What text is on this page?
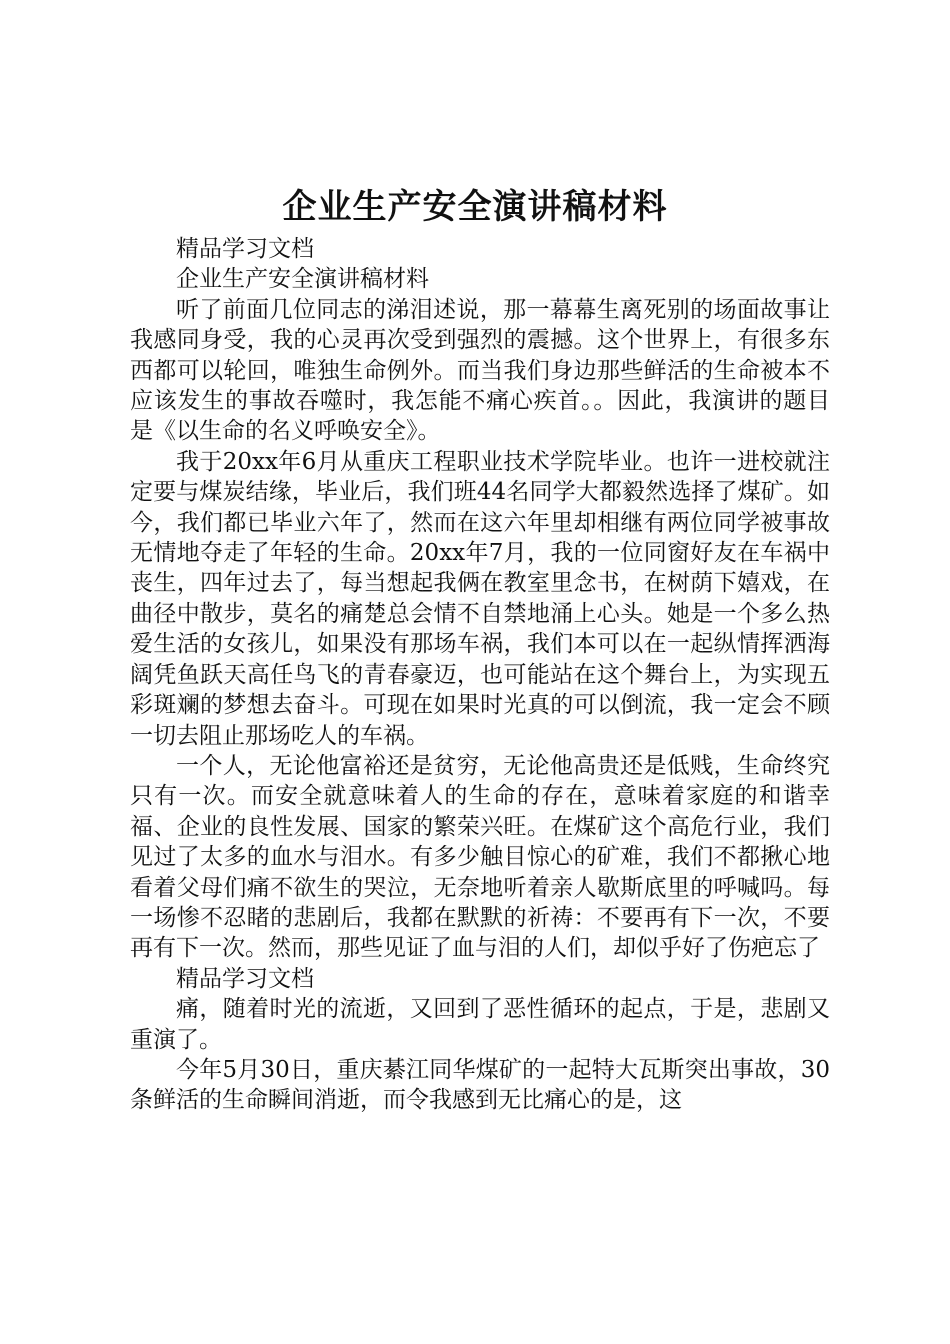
企业生产安全演讲稿材料

精品学习文档

企业生产安全演讲稿材料

听了前面几位同志的涕泪述说，那一幕幕生离死别的场面故事让我感同身受，我的心灵再次受到强烈的震撼。这个世界上，有很多东西都可以轮回，唯独生命例外。而当我们身边那些鲜活的生命被本不应该发生的事故吞噬时，我怎能不痛心疾首。。因此，我演讲的题目是《以生命的名义呼唤安全》。

我于20xx年6月从重庆工程职业技术学院毕业。也许一进校就注定要与煤炭结缘，毕业后，我们班44名同学大都毅然选择了煤矿。如今，我们都已毕业六年了，然而在这六年里却相继有两位同学被事故无情地夺走了年轻的生命。20xx年7月，我的一位同窗好友在车祸中丧生，四年过去了，每当想起我俩在教室里念书，在树荫下嬉戏，在曲径中散步，莫名的痛楚总会情不自禁地涌上心头。她是一个多么热爱生活的女孩儿，如果没有那场车祸，我们本可以在一起纵情挥洒海阔凭鱼跃天高任鸟飞的青春豪迈，也可能站在这个舞台上，为实现五彩斑斓的梦想去奋斗。可现在如果时光真的可以倒流，我一定会不顾一切去阻止那场吃人的车祸。

一个人，无论他富裕还是贫穷，无论他高贵还是低贱，生命终究只有一次。而安全就意味着人的生命的存在，意味着家庭的和谐幸福、企业的良性发展、国家的繁荣兴旺。在煤矿这个高危行业，我们见过了太多的血水与泪水。有多少触目惊心的矿难，我们不都揪心地看着父母们痛不欲生的哭泣，无奈地听着亲人歇斯底里的呼喊吗。每一场惨不忍睹的悲剧后，我都在默默的祈祷：不要再有下一次，不要再有下一次。然而，那些见证了血与泪的人们，却似乎好了伤疤忘了

精品学习文档

痛，随着时光的流逝，又回到了恶性循环的起点，于是，悲剧又重演了。

今年5月30日，重庆綦江同华煤矿的一起特大瓦斯突出事故，30条鲜活的生命瞬间消逝，而令我感到无比痛心的是，这
